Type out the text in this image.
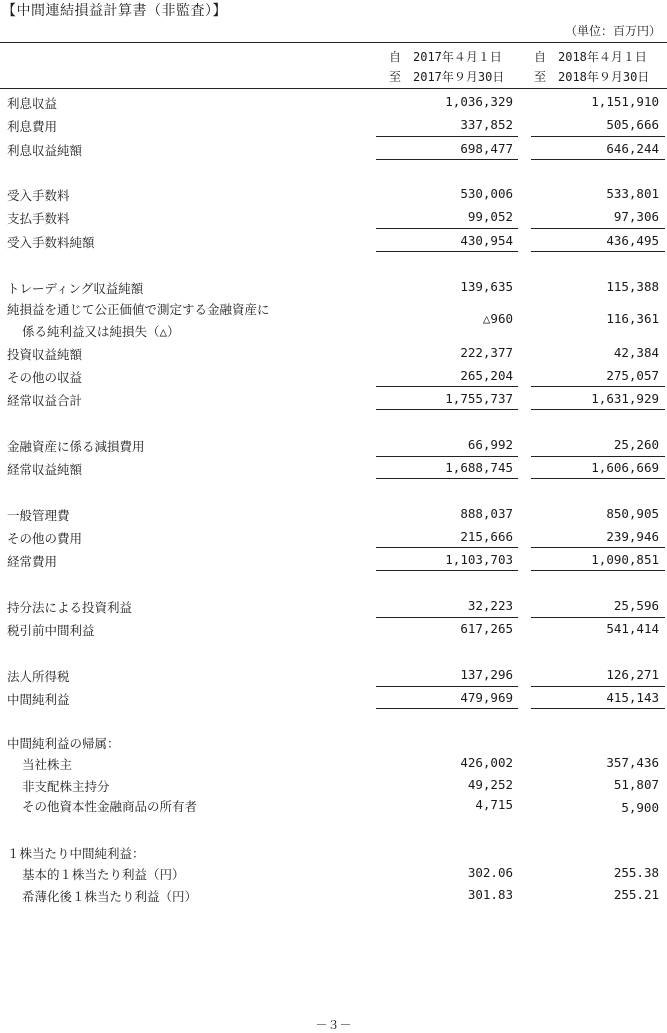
【中間連結損益計算書（非監査）】
（単位：百万円）
自　2017年４月１日
至　2017年９月30日
自　2018年４月１日
至　2018年９月30日
利息収益	1,036,329	1,151,910
利息費用	337,852	505,666
利息収益純額	698,477	646,244
受入手数料	530,006	533,801
支払手数料	99,052	97,306
受入手数料純額	430,954	436,495
トレーディング収益純額	139,635	115,388
純損益を通じて公正価値で測定する金融資産に
係る純利益又は純損失（△）
△960	116,361
投資収益純額	222,377	42,384
その他の収益	265,204	275,057
経常収益合計	1,755,737	1,631,929
金融資産に係る減損費用	66,992	25,260
経常収益純額	1,688,745	1,606,669
一般管理費	888,037	850,905
その他の費用	215,666	239,946
経常費用	1,103,703	1,090,851
持分法による投資利益	32,223	25,596
税引前中間利益	617,265	541,414
法人所得税	137,296	126,271
中間純利益	479,969	415,143
中間純利益の帰属：
当社株主	426,002	357,436
非支配株主持分	49,252	51,807
その他資本性金融商品の所有者	4,715	5,900
１株当たり中間純利益：
基本的１株当たり利益（円）	302.06	255.38
希薄化後１株当たり利益（円）	301.83	255.21
－３－
